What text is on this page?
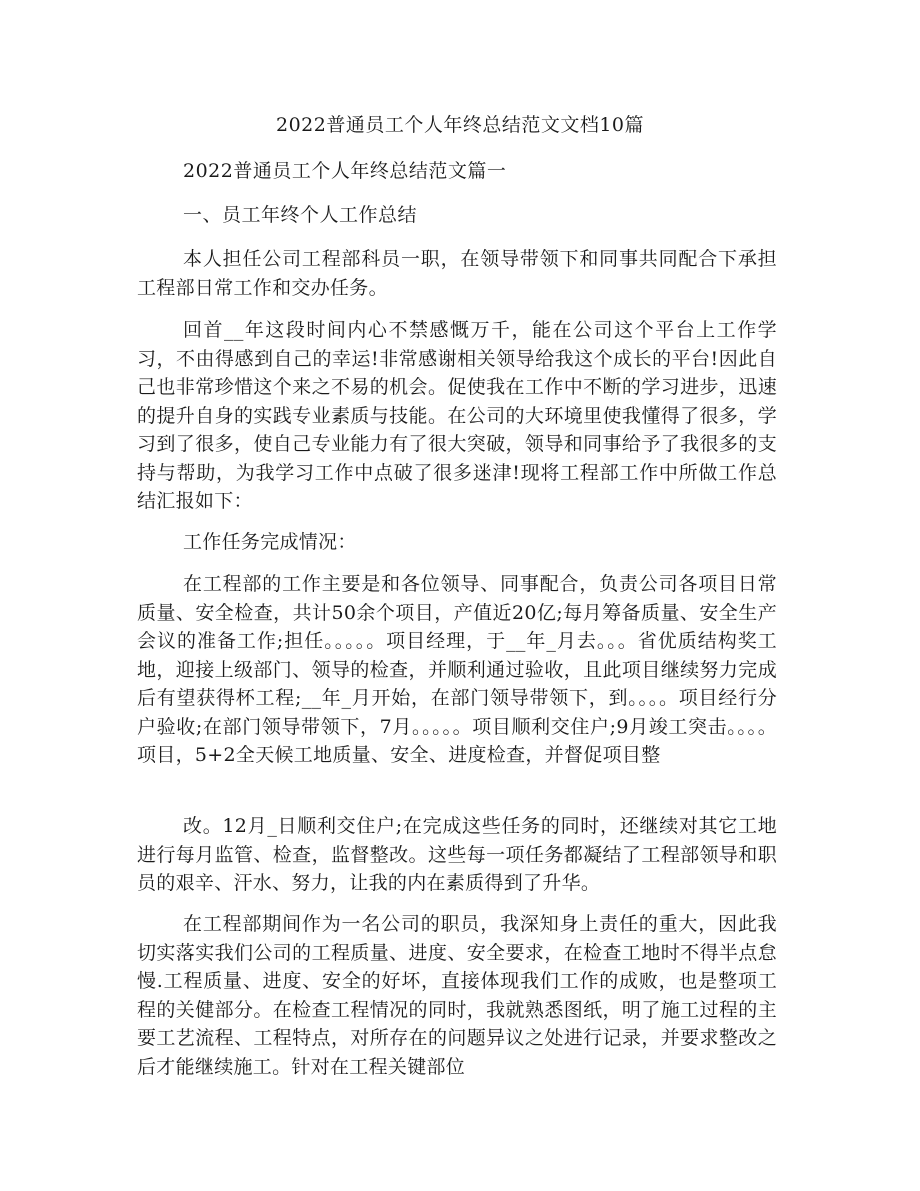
2022普通员工个人年终总结范文文档10篇
2022普通员工个人年终总结范文篇一
一、员工年终个人工作总结

本人担任公司工程部科员一职，在领导带领下和同事共同配合下承担工程部日常工作和交办任务。

回首__年这段时间内心不禁感慨万千，能在公司这个平台上工作学习，不由得感到自己的幸运!非常感谢相关领导给我这个成长的平台!因此自己也非常珍惜这个来之不易的机会。促使我在工作中不断的学习进步，迅速的提升自身的实践专业素质与技能。在公司的大环境里使我懂得了很多，学习到了很多，使自己专业能力有了很大突破，领导和同事给予了我很多的支持与帮助，为我学习工作中点破了很多迷津!现将工程部工作中所做工作总结汇报如下：

工作任务完成情况：

在工程部的工作主要是和各位领导、同事配合，负责公司各项目日常质量、安全检查，共计50余个项目，产值近20亿;每月筹备质量、安全生产会议的准备工作;担任。。。。。项目经理，于__年_月去。。。省优质结构奖工地，迎接上级部门、领导的检查，并顺利通过验收，且此项目继续努力完成后有望获得杯工程;__年_月开始，在部门领导带领下，到。。。。项目经行分户验收;在部门领导带领下，7月。。。。。项目顺利交住户;9月竣工突击。。。。项目，5+2全天候工地质量、安全、进度检查，并督促项目整

改。12月_日顺利交住户;在完成这些任务的同时，还继续对其它工地进行每月监管、检查，监督整改。这些每一项任务都凝结了工程部领导和职员的艰辛、汗水、努力，让我的内在素质得到了升华。

在工程部期间作为一名公司的职员，我深知身上责任的重大，因此我切实落实我们公司的工程质量、进度、安全要求，在检查工地时不得半点怠慢.工程质量、进度、安全的好坏，直接体现我们工作的成败，也是整项工程的关健部分。在检查工程情况的同时，我就熟悉图纸，明了施工过程的主要工艺流程、工程特点，对所存在的问题异议之处进行记录，并要求整改之后才能继续施工。针对在工程关键部位
